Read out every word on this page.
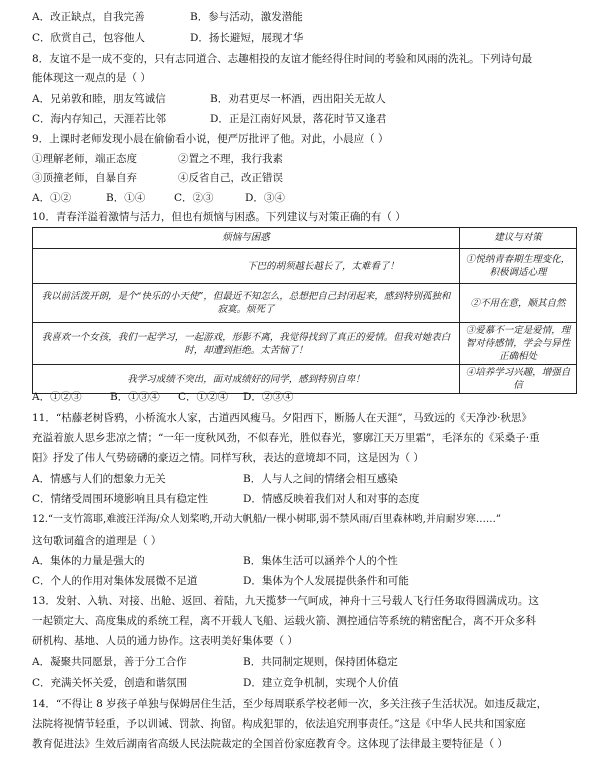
A．改正缺点，自我完善	B．参与活动，激发潜能
C．欣赏自己，包容他人	D．扬长避短，展现才华
8．友谊不是一成不变的，只有志同道合、志趣相投的友谊才能经得住时间的考验和风雨的洗礼。下列诗句最
能体现这一观点的是（ ）
A．兄弟敦和睦，朋友笃诚信	B．劝君更尽一杯酒，西出阳关无故人
C．海内存知己，天涯若比邻	D．正是江南好风景，落花时节又逢君
9．上课时老师发现小晨在偷偷看小说，便严厉批评了他。对此，小晨应（ ）
①理解老师，端正态度	②置之不理，我行我素
③顶撞老师，自暴自弃	④反省自己，改正错误
A．①②	B．①④	C．②③	D．③④
10．青春洋溢着激情与活力，但也有烦恼与困惑。下列建议与对策正确的有（ ）
烦恼与困惑	建议与对策
下巴的胡须越长越长了，太难看了！	①悦纳青春期生理变化，积极调适心理
我以前活泼开朗，是个“快乐的小天使”，但最近不知怎么，总想把自己封闭起来，感到特别孤独和寂寞。烦死了	②不用在意，顺其自然
我喜欢一个女孩，我们一起学习，一起游戏，形影不离，我觉得找到了真正的爱情。但我对她表白时，却遭到拒绝。太苦恼了！	③爱慕不一定是爱情，理智对待感情，学会与异性正确相处
我学习成绩不突出，面对成绩好的同学，感到特别自卑！	④培养学习兴趣，增强自信
A．①②③	B．①③④ C．①②④ D．②③④
11．“枯藤老树昏鸦，小桥流水人家，古道西风瘦马。夕阳西下，断肠人在天涯”，马致远的《天净沙·秋思》
充溢着旅人思乡悲凉之情；“一年一度秋风劲，不似春光，胜似春光，寥廓江天万里霜”，毛泽东的《采桑子·重
阳》抒发了伟人气势磅礴的豪迈之情。同样写秋，表达的意境却不同，这是因为（ ）
A．情感与人们的想象力无关	B．人与人之间的情绪会相互感染
C．情绪受周围环境影响且具有稳定性	D．情感反映着我们对人和对事的态度
12.“一支竹篙耶,难渡汪洋海/众人划桨哟,开动大帆船/一棵小树耶,弱不禁风雨/百里森林哟,并肩耐岁寒……”
这句歌词蕴含的道理是（ ）
A．集体的力量是强大的	B．集体生活可以涵养个人的个性
C．个人的作用对集体发展微不足道	D．集体为个人发展提供条件和可能
13．发射、入轨、对接、出舱、返回、着陆，九天揽梦一气呵成，神舟十三号载人飞行任务取得圆满成功。这
一起锁定大、高度集成的系统工程，离不开载人飞船、运载火箭、测控通信等系统的精密配合，离不开众多科
研机构、基地、人员的通力协作。这表明美好集体要（ ）
A．凝聚共同愿景，善于分工合作	B．共同制定规则，保持团体稳定
C．充满关怀关爱，创造和谐氛围	D．建立竞争机制，实现个人价值
14．“不得让 8 岁孩子单独与保姆居住生活，至少每周联系学校老师一次，多关注孩子生活状况。如违反裁定，
法院将视情节轻重，予以训诫、罚款、拘留。构成犯罪的，依法追究刑事责任。”这是《中华人民共和国家庭
教育促进法》生效后湖南省高级人民法院裁定的全国首份家庭教育令。这体现了法律最主要特征是（ ）
